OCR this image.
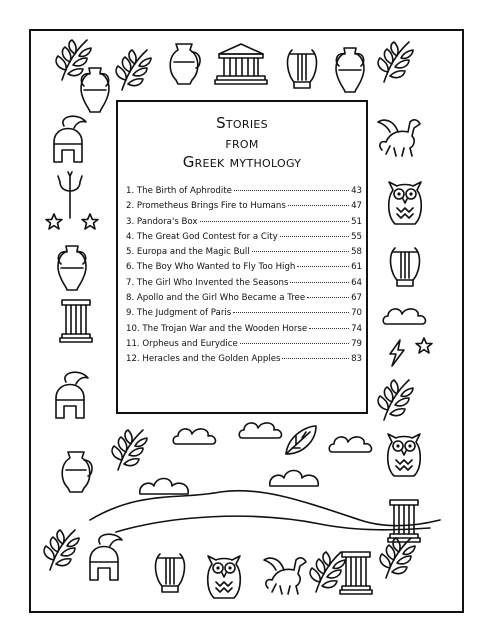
Stories
from
Greek mythology
1. The Birth of Aphrodite	43
2. Prometheus Brings Fire to Humans	47
3. Pandora's Box	51
4. The Great God Contest for a City	55
5. Europa and the Magic Bull	58
6. The Boy Who Wanted to Fly Too High	61
7. The Girl Who Invented the Seasons	64
8. Apollo and the Girl Who Became a Tree	67
9. The Judgment of Paris	70
10. The Trojan War and the Wooden Horse	74
11. Orpheus and Eurydice	79
12. Heracles and the Golden Apples	83
